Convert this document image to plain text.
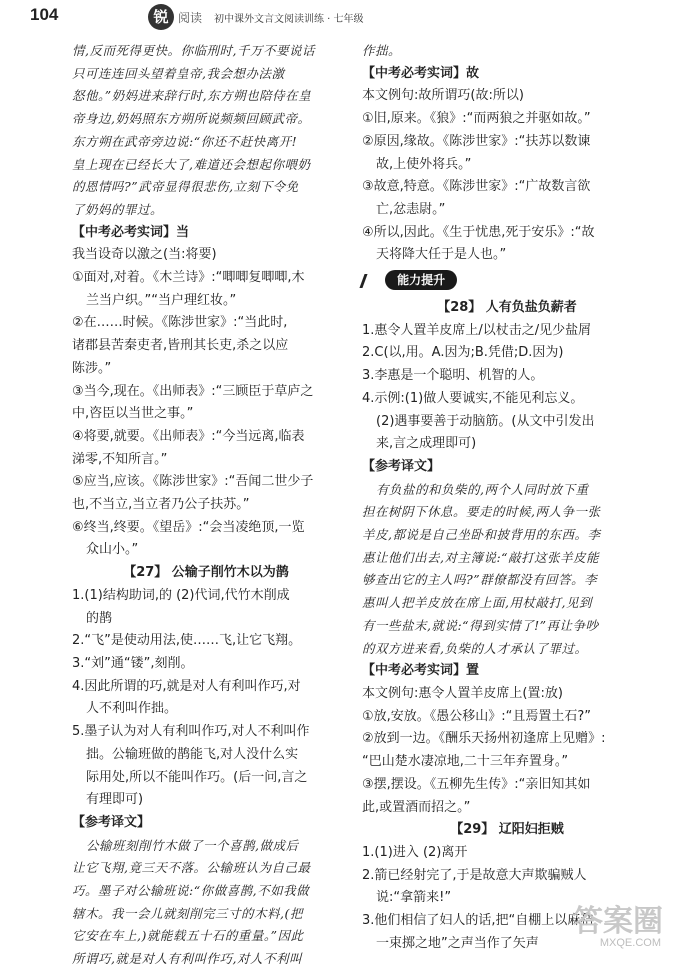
104	锐 阅读 初中课外文言文阅读训练 · 七年级

情,反而死得更快。你临刑时,千万不要说话

只可连连回头望着皇帝,我会想办法激

怒他。”奶妈进来辞行时,东方朔也陪侍在皇

帝身边,奶妈照东方朔所说频频回顾武帝。

东方朔在武帝旁边说:“你还不赶快离开!

皇上现在已经长大了,难道还会想起你喂奶

的恩情吗?”武帝显得很悲伤,立刻下令免

了奶妈的罪过。

【中考必考实词】当

我当设奇以激之(当:将要)

①面对,对着。《木兰诗》:“唧唧复唧唧,木

兰当户织。”“当户理红妆。”

②在……时候。《陈涉世家》:“当此时,

诸郡县苦秦吏者,皆刑其长吏,杀之以应

陈涉。”

③当今,现在。《出师表》:“三顾臣于草庐之

中,咨臣以当世之事。”

④将要,就要。《出师表》:“今当远离,临表

涕零,不知所言。”

⑤应当,应该。《陈涉世家》:“吾闻二世少子

也,不当立,当立者乃公子扶苏。”

⑥终当,终要。《望岳》:“会当凌绝顶,一览

众山小。”

【27】 公输子削竹木以为鹊

1.(1)结构助词,的 (2)代词,代竹木削成

的鹊

2.“飞”是使动用法,使……飞,让它飞翔。

3.“刘”通“镂”,刻削。

4.因此所谓的巧,就是对人有利叫作巧,对

人不利叫作拙。

5.墨子认为对人有利叫作巧,对人不利叫作

拙。公输班做的鹊能飞,对人没什么实

际用处,所以不能叫作巧。(后一问,言之

有理即可)

【参考译文】

公输班刻削竹木做了一个喜鹊,做成后

让它飞翔,竟三天不落。公输班认为自己最

巧。墨子对公输班说:“你做喜鹊,不如我做

辖木。我一会儿就刻削完三寸的木料,(把

它安在车上,)就能载五十石的重量。”因此

所谓巧,就是对人有利叫作巧,对人不利叫

作拙。

【中考必考实词】故

本文例句:故所谓巧(故:所以)

①旧,原来。《狼》:“而两狼之并驱如故。”

②原因,缘故。《陈涉世家》:“扶苏以数谏

故,上使外将兵。”

③故意,特意。《陈涉世家》:“广故数言欲

亡,忿恚尉。”

④所以,因此。《生于忧患,死于安乐》:“故

天将降大任于是人也。”

能力提升

【28】 人有负盐负薪者

1.惠令人置羊皮席上/以杖击之/见少盐屑

2.C(以,用。A.因为;B.凭借;D.因为)

3.李惠是一个聪明、机智的人。

4.示例:(1)做人要诚实,不能见利忘义。

(2)遇事要善于动脑筋。(从文中引发出

来,言之成理即可)

【参考译文】

有负盐的和负柴的,两个人同时放下重

担在树阴下休息。要走的时候,两人争一张

羊皮,都说是自己坐卧和披背用的东西。李

惠让他们出去,对主簿说:“敲打这张羊皮能

够查出它的主人吗?”群僚都没有回答。李

惠叫人把羊皮放在席上面,用杖敲打,见到

有一些盐末,就说:“得到实情了!”再让争吵

的双方进来看,负柴的人才承认了罪过。

【中考必考实词】置

本文例句:惠令人置羊皮席上(置:放)

①放,安放。《愚公移山》:“且焉置土石?”

②放到一边。《酬乐天扬州初逢席上见赠》:

“巴山楚水凄凉地,二十三年弃置身。”

③摆,摆设。《五柳先生传》:“亲旧知其如

此,或置酒而招之。”

【29】 辽阳妇拒贼

1.(1)进入 (2)离开

2.箭已经射完了,于是故意大声欺骗贼人

说:“拿箭来!”

3.他们相信了妇人的话,把“自棚上以麻秸

一束掷之地”之声当作了矢声

答案圈
MXQE.COM
